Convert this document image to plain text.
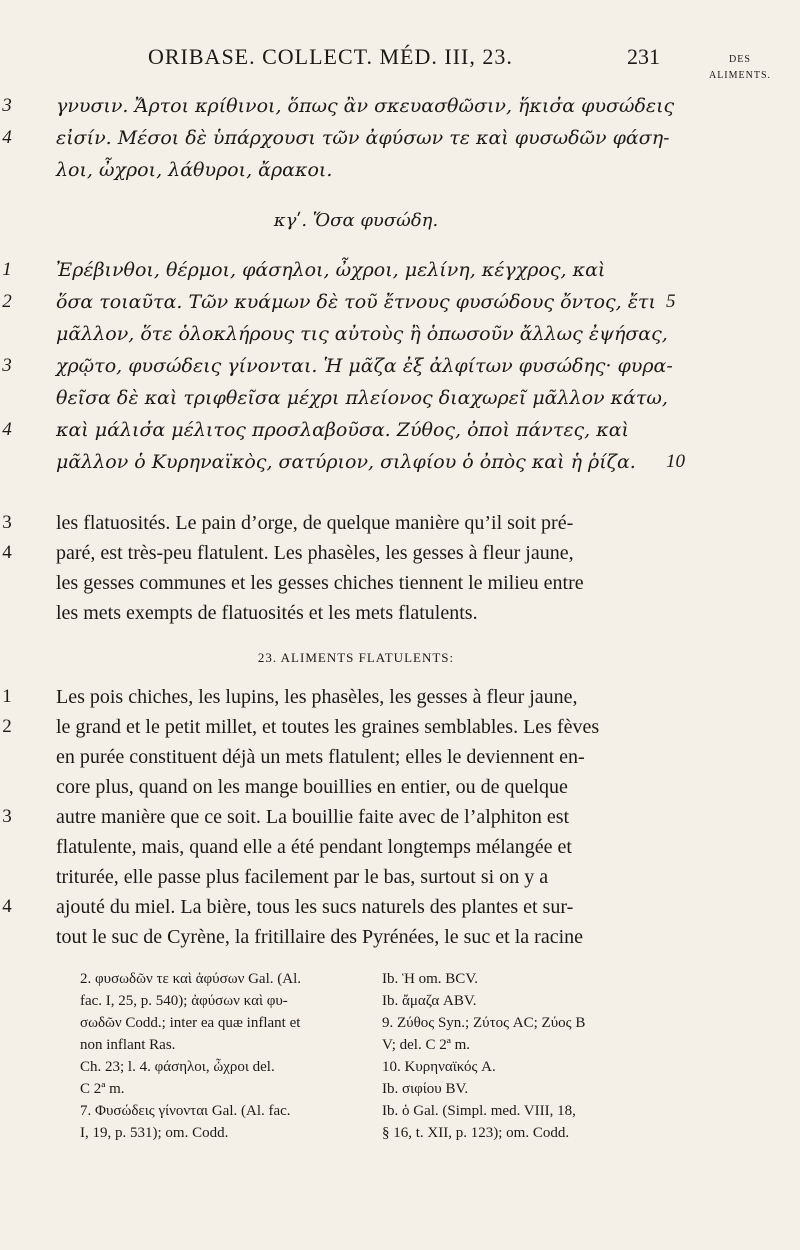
ORIBASE. COLLECT. MÉD. III, 23.	231	DES
ALIMENTS.
3 γνυσιν. Ἄρτοι κρίθινοι, ὅπως ἂν σκευασθῶσιν, ἥκισ̓α φυσώδεις
4 εἰσίν. Μέσοι δὲ ὑπάρχουσι τῶν ἀφύσων τε καὶ φυσωδῶν φάση-
λοι, ὦχροι, λάθυροι, ἄρακοι.
κγʹ. Ὅσα φυσώδη.
1 Ἐρέβινθοι, θέρμοι, φάσηλοι, ὦχροι, μελίνη, κέγχρος, καὶ
2 ὅσα τοιαῦτα. Τῶν κυάμων δὲ τοῦ ἔτνους φυσώδους ὄντος, ἔτι 5
μᾶλλον, ὅτε ὁλοκλήρους τις αὐτοὺς ἢ ὁπωσοῦν ἄλλως ἐψήσας,
3 χρῷτο, φυσώδεις γίνονται. Ἡ μᾶζα ἐξ ἀλφίτων φυσώδης· φυρα-
θεῖσα δὲ καὶ τριφθεῖσα μέχρι πλείονος διαχωρεῖ μᾶλλον κάτω,
4 καὶ μάλισ̓α μέλιτος προσλαβοῦσα. Ζύθος, ὀποὶ πάντες, καὶ
μᾶλλον ὁ Κυρηναϊκὸς, σατύριον, σιλφίου ὁ ὀπὸς καὶ ἡ ῥίζα. 10
3 les flatuosités. Le pain d’orge, de quelque manière qu’il soit pré-
4 paré, est très-peu flatulent. Les phasèles, les gesses à fleur jaune,
les gesses communes et les gesses chiches tiennent le milieu entre
les mets exempts de flatuosités et les mets flatulents.
23. ALIMENTS FLATULENTS:
1 Les pois chiches, les lupins, les phasèles, les gesses à fleur jaune,
2 le grand et le petit millet, et toutes les graines semblables. Les fèves
en purée constituent déjà un mets flatulent; elles le deviennent en-
core plus, quand on les mange bouillies en entier, ou de quelque
3 autre manière que ce soit. La bouillie faite avec de l’alphiton est
flatulente, mais, quand elle a été pendant longtemps mélangée et
triturée, elle passe plus facilement par le bas, surtout si on y a
4 ajouté du miel. La bière, tous les sucs naturels des plantes et sur-
tout le suc de Cyrène, la fritillaire des Pyrénées, le suc et la racine
2. φυσωδῶν τε καὶ ἀφύσων Gal. (Al.
fac. I, 25, p. 540); ἀφύσων καὶ φυ-
σωδῶν Codd.; inter ea quæ inflant et
non inflant Ras.
Ch. 23; l. 4. φάσηλοι, ὦχροι del.
C 2ª m.
7. Φυσώδεις γίνονται Gal. (Al. fac.
I, 19, p. 531); om. Codd.
Ib. Ἡ om. BCV.
Ib. ἄμαζα ABV.
9. Ζύθος Syn.; Ζύτος AC; Ζύος B
V; del. C 2ª m.
10. Κυρηναϊκός A.
Ib. σιφίου BV.
Ib. ὁ Gal. (Simpl. med. VIII, 18,
§ 16, t. XII, p. 123); om. Codd.
